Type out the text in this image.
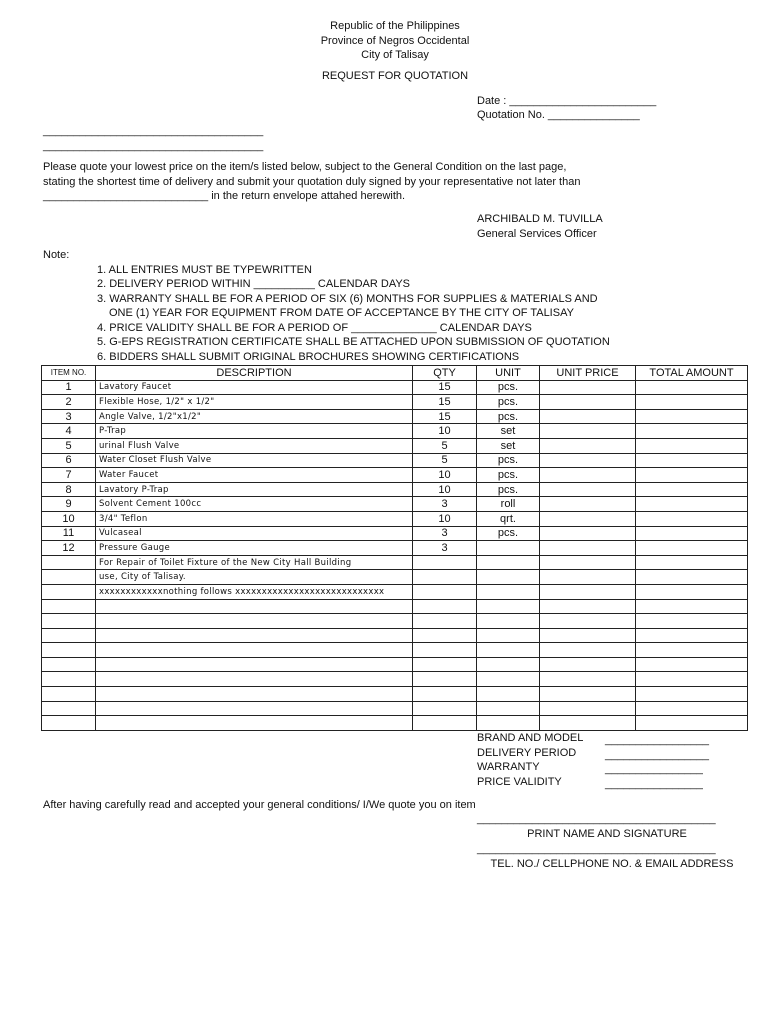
Republic of the Philippines
Province of Negros Occidental
City of Talisay
REQUEST FOR QUOTATION
Date : ________________________
Quotation No. _______________
____________________________________
____________________________________
Please quote your lowest price on the item/s listed below, subject to the General Condition on the last page,
stating the shortest time of delivery and submit your quotation duly signed by your representative not later than
___________________________ in the return envelope attahed herewith.
ARCHIBALD M. TUVILLA
General Services Officer
Note:
1. ALL ENTRIES MUST BE TYPEWRITTEN
2. DELIVERY PERIOD WITHIN __________ CALENDAR DAYS
3. WARRANTY SHALL BE FOR A PERIOD OF SIX (6) MONTHS FOR SUPPLIES & MATERIALS AND
ONE (1) YEAR FOR EQUIPMENT FROM DATE OF ACCEPTANCE BY THE CITY OF TALISAY
4. PRICE VALIDITY SHALL BE FOR A PERIOD OF ______________ CALENDAR DAYS
5. G-EPS REGISTRATION CERTIFICATE SHALL BE ATTACHED UPON SUBMISSION OF QUOTATION
6. BIDDERS SHALL SUBMIT ORIGINAL BROCHURES SHOWING CERTIFICATIONS
ITEM NO.	DESCRIPTION	QTY	UNIT	UNIT PRICE	TOTAL AMOUNT
1	Lavatory Faucet	15	pcs.		
2	Flexible Hose, 1/2" x 1/2"	15	pcs.		
3	Angle Valve, 1/2"x1/2"	15	pcs.		
4	P-Trap	10	set		
5	urinal Flush Valve	5	set		
6	Water Closet Flush Valve	5	pcs.		
7	Water Faucet	10	pcs.		
8	Lavatory P-Trap	10	pcs.		
9	Solvent Cement 100cc	3	roll		
10	3/4" Teflon	10	qrt.		
11	Vulcaseal	3	pcs.		
12	Pressure Gauge	3			
	For Repair of Toilet Fixture of the New City Hall Building				
	use, City of Talisay.				
	xxxxxxxxxxxxnothing follows xxxxxxxxxxxxxxxxxxxxxxxxxxxx				

BRAND AND MODEL _________________
DELIVERY PERIOD	_________________
WARRANTY	________________
PRICE VALIDITY	________________
After having carefully read and accepted your general conditions/ I/We quote you on item
_______________________________________
PRINT NAME AND SIGNATURE
_______________________________________
TEL. NO./ CELLPHONE NO. & EMAIL ADDRESS
